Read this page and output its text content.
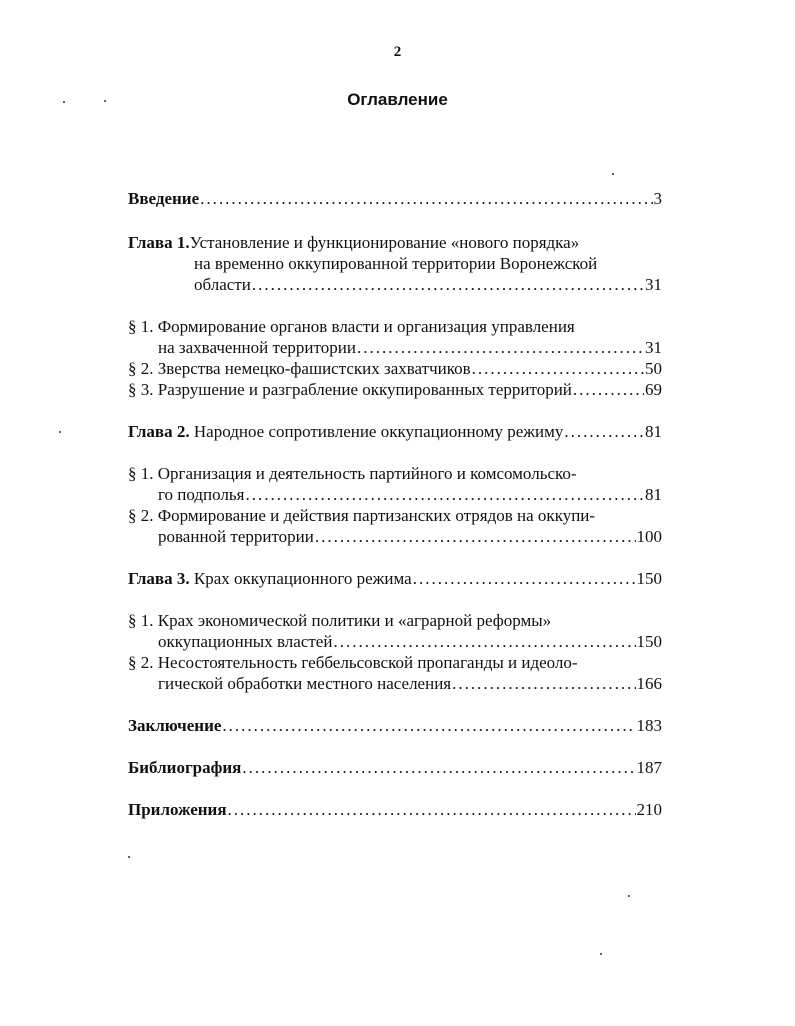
2
Оглавление
Введение .....	3
Глава 1. Установление и функционирование «нового порядка»
на временно оккупированной территории Воронежской
области .....	31
§ 1. Формирование органов власти и организация управления
на захваченной территории .....	31
§ 2. Зверства немецко-фашистских захватчиков .....	50
§ 3. Разрушение и разграбление оккупированных территорий .....	69
Глава 2.
Народное сопротивление оккупационному режиму .....	81
§ 1. Организация и деятельность партийного и комсомольско-
го подполья .....	81
§ 2. Формирование и действия партизанских отрядов на оккупи-
рованной территории .....	100
Глава 3.
Крах оккупационного режима .....	150
§ 1. Крах экономической политики и «аграрной реформы»
оккупационных властей .....	150
§ 2. Несостоятельность геббельсовской пропаганды и идеоло-
гической обработки местного населения .....	166
Заключение .....	183
Библиография .....	187
Приложения .....	210
